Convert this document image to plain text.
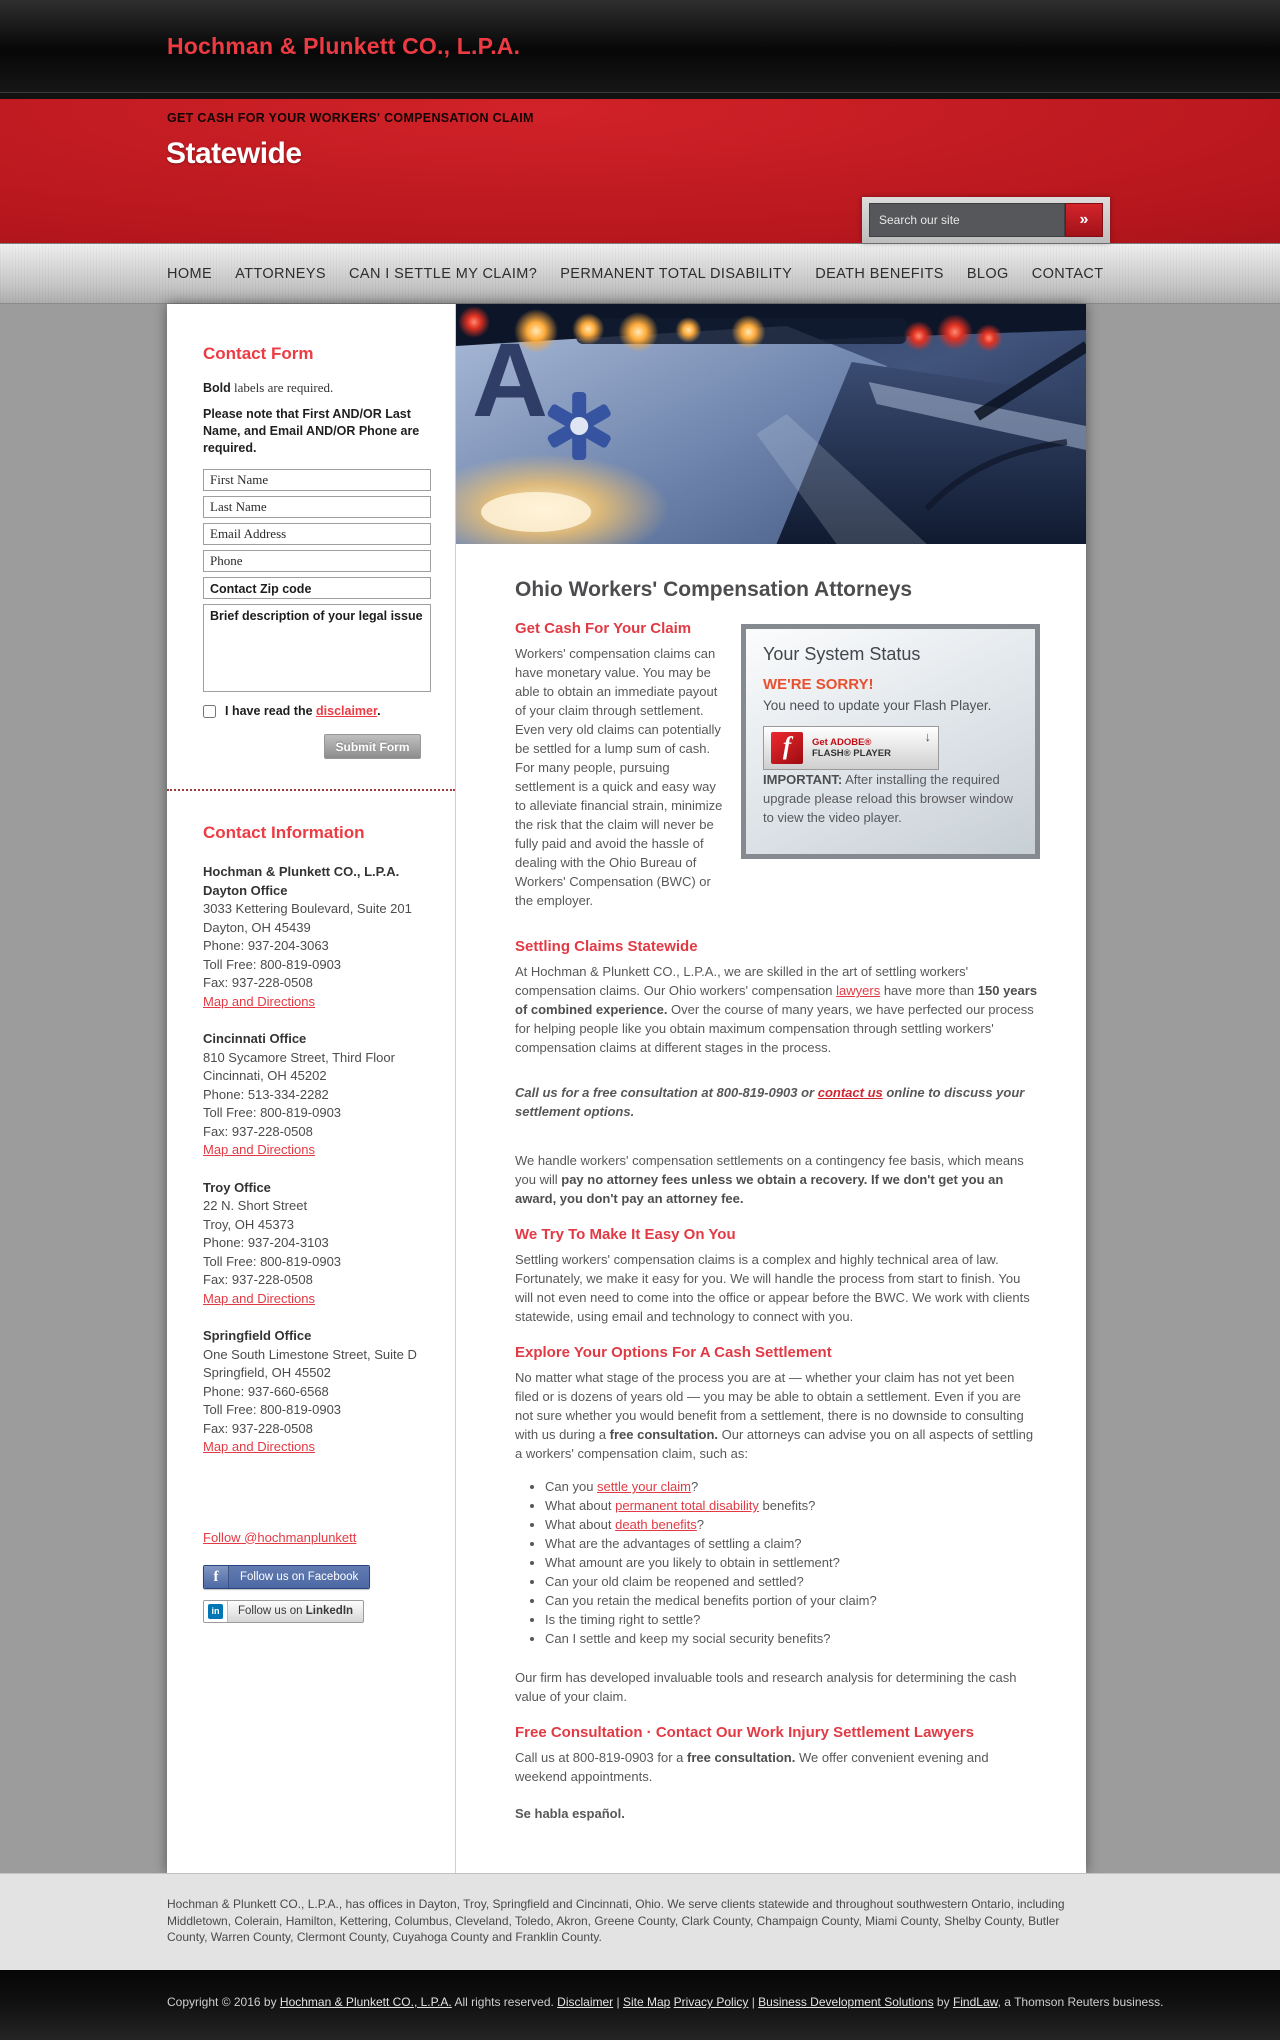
Hochman & Plunkett CO., L.P.A.
GET CASH FOR YOUR WORKERS' COMPENSATION CLAIM
Statewide
Search our site
»
HOME ATTORNEYS CAN I SETTLE MY CLAIM? PERMANENT TOTAL DISABILITY DEATH BENEFITS BLOG CONTACT
Contact Form

Bold labels are required.

Please note that First AND/OR Last Name, and Email AND/OR Phone are required.

First Name
Last Name
Email Address
Phone
Contact Zip code
Brief description of your legal issue
I have read the disclaimer.
Submit Form
Contact Information

Hochman & Plunkett CO., L.P.A.

Dayton Office

3033 Kettering Boulevard, Suite 201

Dayton, OH 45439

Phone: 937-204-3063

Toll Free: 800-819-0903

Fax: 937-228-0508

Map and Directions

Cincinnati Office

810 Sycamore Street, Third Floor

Cincinnati, OH 45202

Phone: 513-334-2282

Toll Free: 800-819-0903

Fax: 937-228-0508

Map and Directions

Troy Office

22 N. Short Street

Troy, OH 45373

Phone: 937-204-3103

Toll Free: 800-819-0903

Fax: 937-228-0508

Map and Directions

Springfield Office

One South Limestone Street, Suite D

Springfield, OH 45502

Phone: 937-660-6568

Toll Free: 800-819-0903

Fax: 937-228-0508

Map and Directions
Follow @hochmanplunkett

f	Follow us on Facebook

in	Follow us on LinkedIn
A
Ohio Workers' Compensation Attorneys
Your System Status
WE'RE SORRY!
You need to update your Flash Player.
f	Get ADOBE®
FLASH® PLAYER
↓

IMPORTANT: After installing the required upgrade please reload this browser window to view the video player.

Get Cash For Your Claim

Workers' compensation claims can have monetary value. You may be able to obtain an immediate payout of your claim through settlement. Even very old claims can potentially be settled for a lump sum of cash. For many people, pursuing settlement is a quick and easy way to alleviate financial strain, minimize the risk that the claim will never be fully paid and avoid the hassle of dealing with the Ohio Bureau of Workers' Compensation (BWC) or the employer.

Settling Claims Statewide

At Hochman & Plunkett CO., L.P.A., we are skilled in the art of settling workers' compensation claims. Our Ohio workers' compensation lawyers have more than 150 years of combined experience. Over the course of many years, we have perfected our process for helping people like you obtain maximum compensation through settling workers' compensation claims at different stages in the process.

Call us for a free consultation at 800-819-0903 or contact us online to discuss your settlement options.

We handle workers' compensation settlements on a contingency fee basis, which means you will pay no attorney fees unless we obtain a recovery. If we don't get you an award, you don't pay an attorney fee.

We Try To Make It Easy On You

Settling workers' compensation claims is a complex and highly technical area of law. Fortunately, we make it easy for you. We will handle the process from start to finish. You will not even need to come into the office or appear before the BWC. We work with clients statewide, using email and technology to connect with you.

Explore Your Options For A Cash Settlement

No matter what stage of the process you are at — whether your claim has not yet been filed or is dozens of years old — you may be able to obtain a settlement. Even if you are not sure whether you would benefit from a settlement, there is no downside to consulting with us during a free consultation. Our attorneys can advise you on all aspects of settling a workers' compensation claim, such as:

• Can you settle your claim?
• What about permanent total disability benefits?
• What about death benefits?
• What are the advantages of settling a claim?
• What amount are you likely to obtain in settlement?
• Can your old claim be reopened and settled?
• Can you retain the medical benefits portion of your claim?
• Is the timing right to settle?
• Can I settle and keep my social security benefits?

Our firm has developed invaluable tools and research analysis for determining the cash value of your claim.

Free Consultation · Contact Our Work Injury Settlement Lawyers

Call us at 800-819-0903 for a free consultation. We offer convenient evening and weekend appointments.

Se habla español.

Hochman & Plunkett CO., L.P.A., has offices in Dayton, Troy, Springfield and Cincinnati, Ohio. We serve clients statewide and throughout southwestern Ontario, including Middletown, Colerain, Hamilton, Kettering, Columbus, Cleveland, Toledo, Akron, Greene County, Clark County, Champaign County, Miami County, Shelby County, Butler County, Warren County, Clermont County, Cuyahoga County and Franklin County.

Copyright © 2016 by Hochman & Plunkett CO., L.P.A. All rights reserved. Disclaimer | Site Map Privacy Policy | Business Development Solutions by FindLaw, a Thomson Reuters business.
